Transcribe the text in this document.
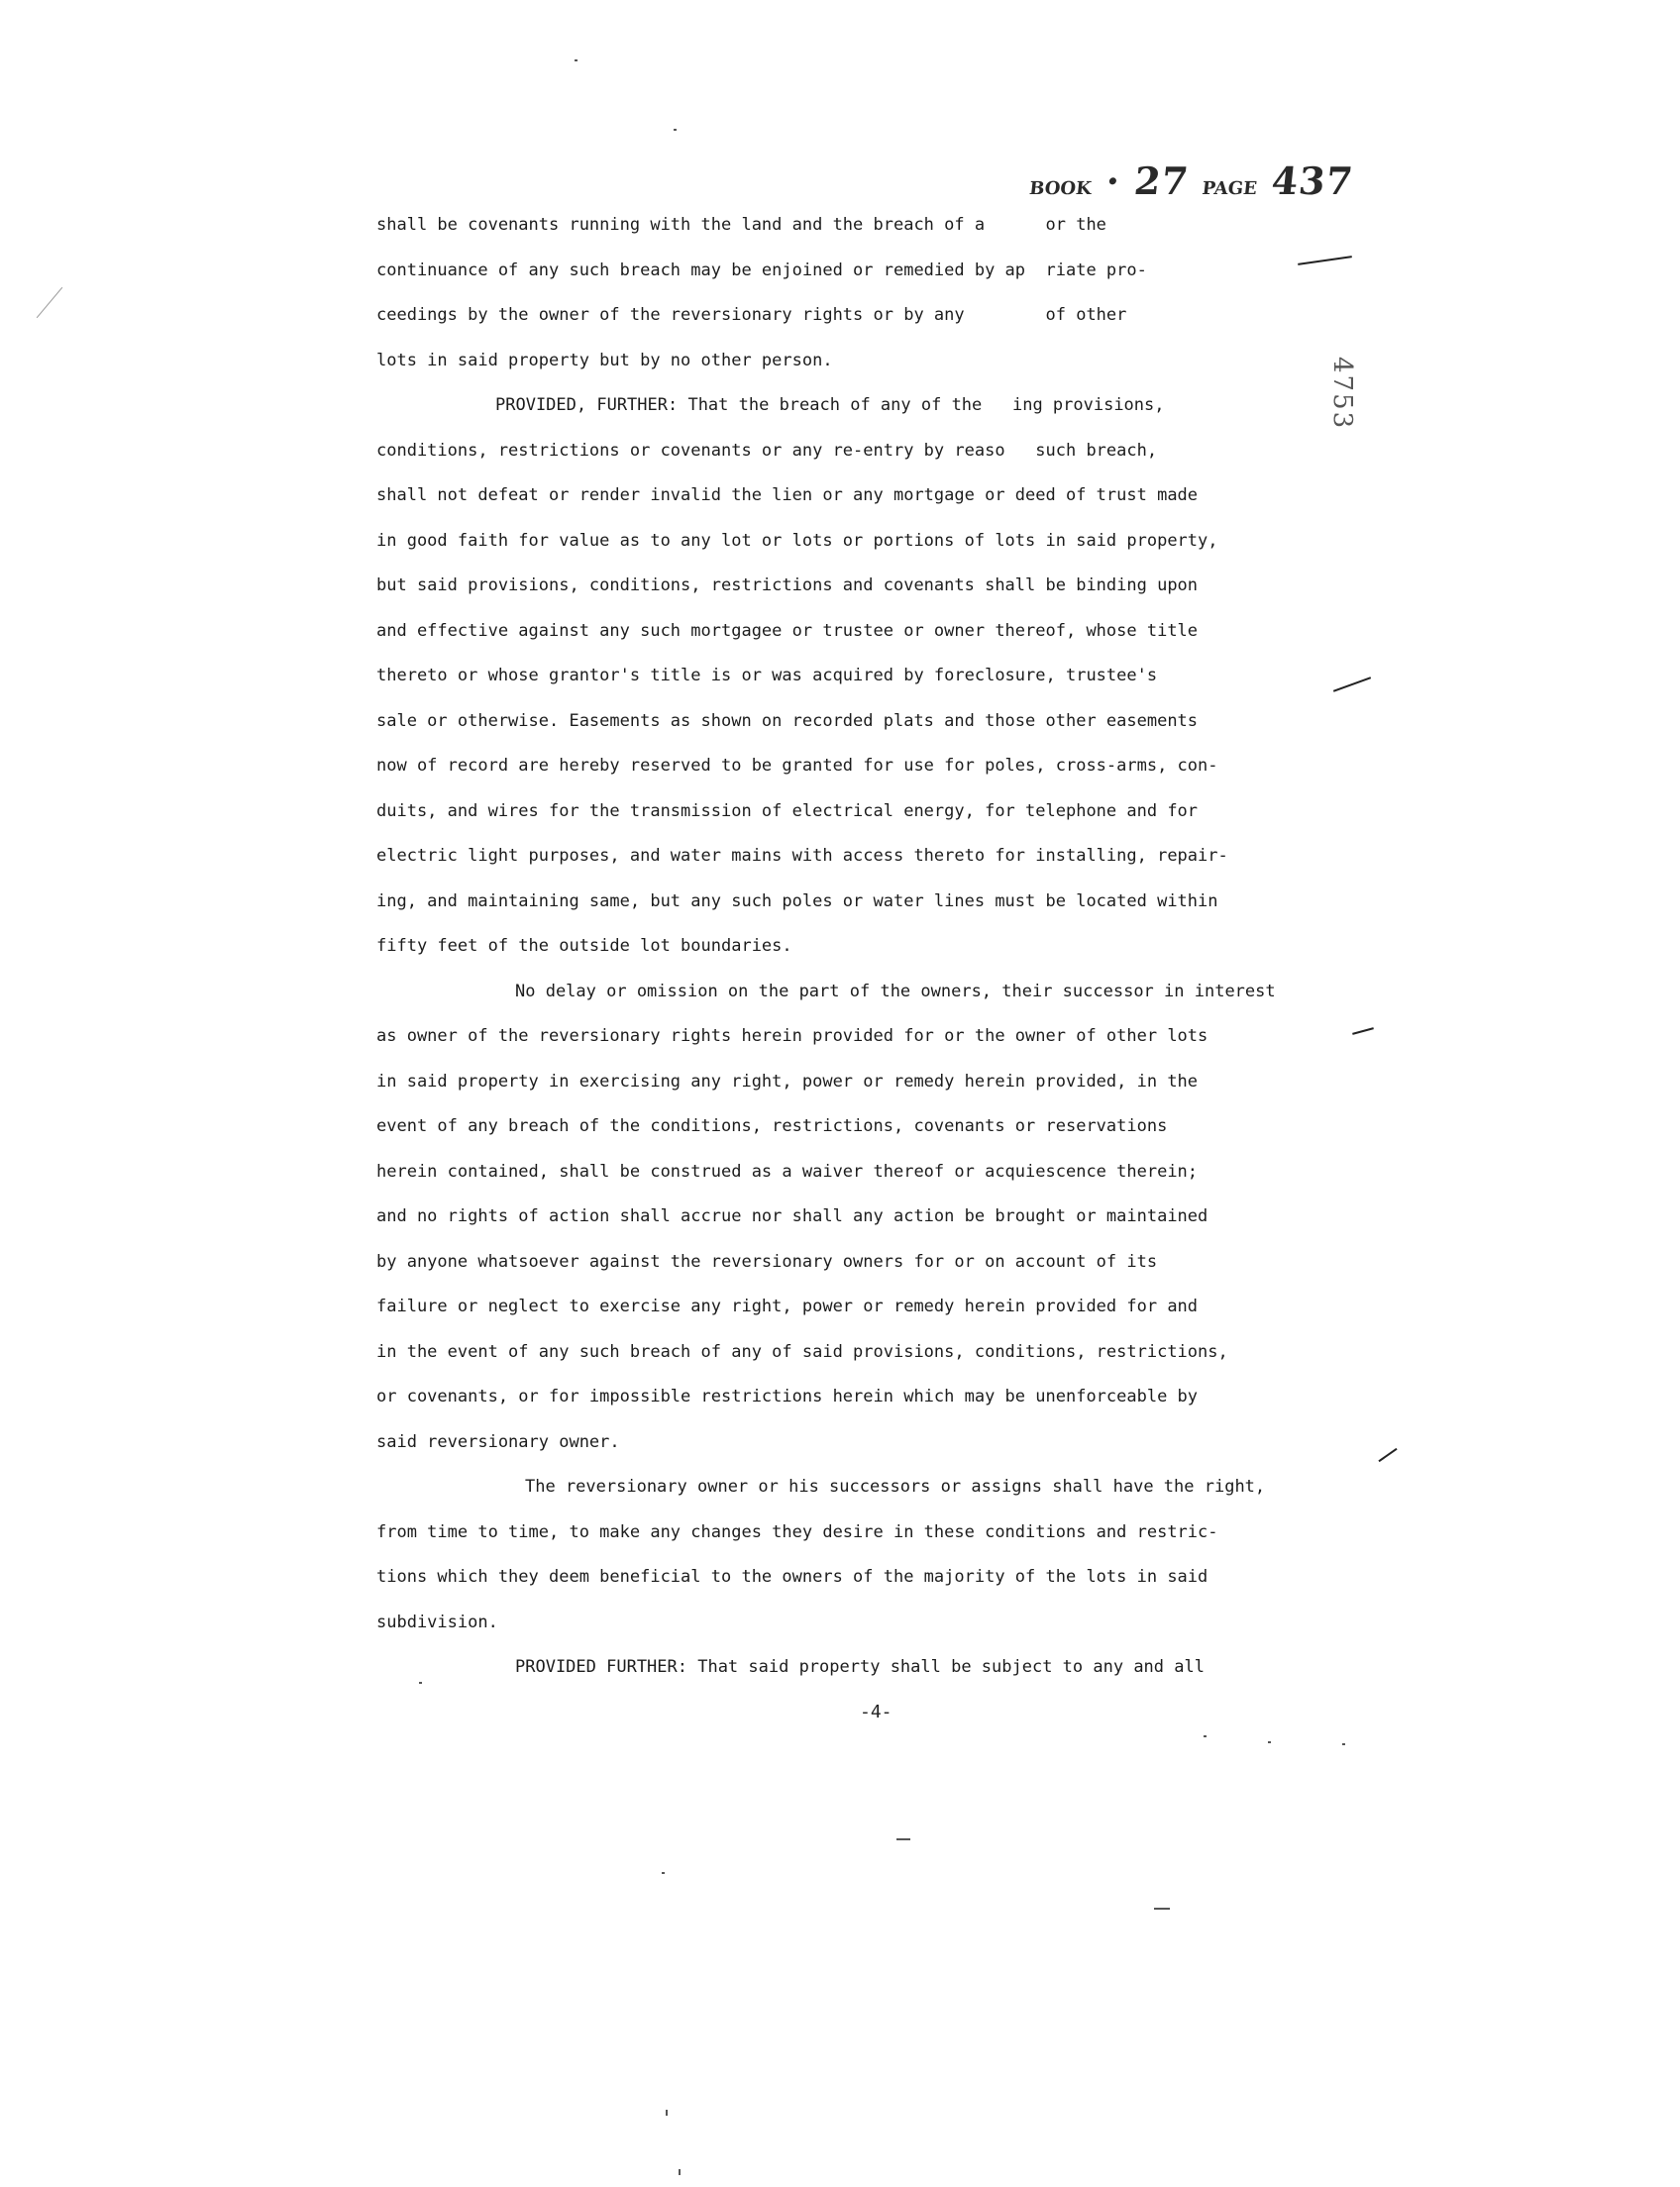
BOOK · 27 PAGE 437
4753
shall be covenants running with the land and the breach of a      or the
continuance of any such breach may be enjoined or remedied by ap  riate pro-
ceedings by the owner of the reversionary rights or by any        of other
lots in said property but by no other person.
PROVIDED, FURTHER: That the breach of any of the   ing provisions,
conditions, restrictions or covenants or any re-entry by reaso   such breach,
shall not defeat or render invalid the lien or any mortgage or deed of trust made
in good faith for value as to any lot or lots or portions of lots in said property,
but said provisions, conditions, restrictions and covenants shall be binding upon
and effective against any such mortgagee or trustee or owner thereof, whose title
thereto or whose grantor's title is or was acquired by foreclosure, trustee's
sale or otherwise. Easements as shown on recorded plats and those other easements
now of record are hereby reserved to be granted for use for poles, cross-arms, con-
duits, and wires for the transmission of electrical energy, for telephone and for
electric light purposes, and water mains with access thereto for installing, repair-
ing, and maintaining same, but any such poles or water lines must be located within
fifty feet of the outside lot boundaries.
No delay or omission on the part of the owners, their successor in interest
as owner of the reversionary rights herein provided for or the owner of other lots
in said property in exercising any right, power or remedy herein provided, in the
event of any breach of the conditions, restrictions, covenants or reservations
herein contained, shall be construed as a waiver thereof or acquiescence therein;
and no rights of action shall accrue nor shall any action be brought or maintained
by anyone whatsoever against the reversionary owners for or on account of its
failure or neglect to exercise any right, power or remedy herein provided for and
in the event of any such breach of any of said provisions, conditions, restrictions,
or covenants, or for impossible restrictions herein which may be unenforceable by
said reversionary owner.
The reversionary owner or his successors or assigns shall have the right,
from time to time, to make any changes they desire in these conditions and restric-
tions which they deem beneficial to the owners of the majority of the lots in said
subdivision.
PROVIDED FURTHER: That said property shall be subject to any and all
-4-
